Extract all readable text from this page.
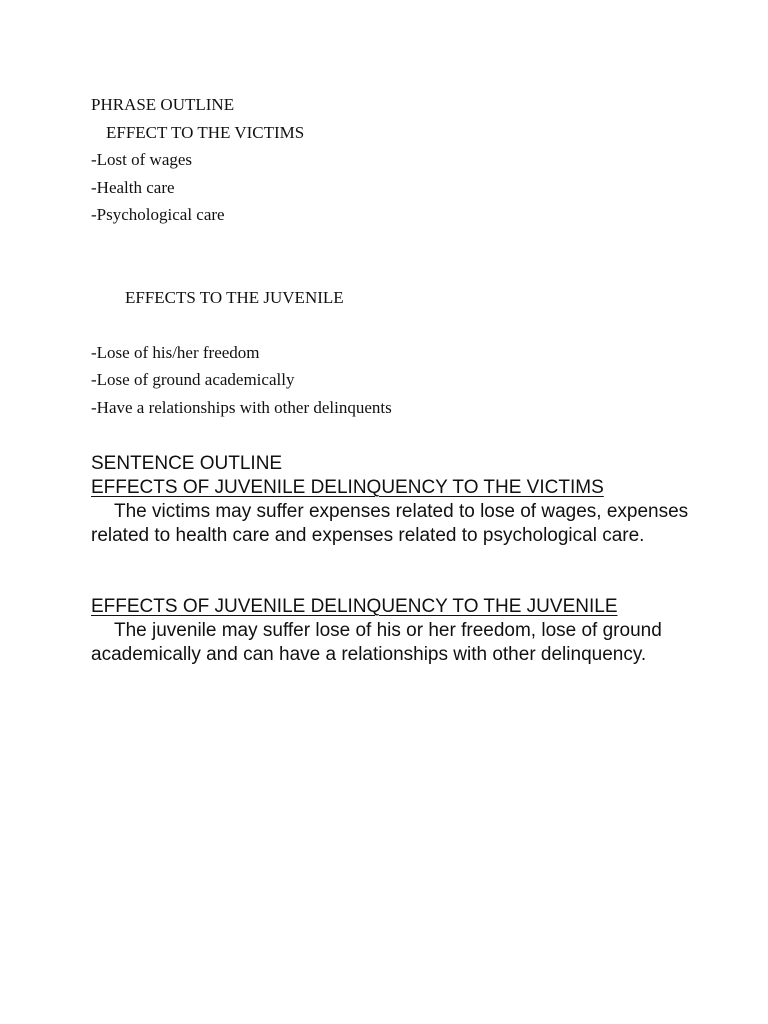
PHRASE OUTLINE

EFFECT TO THE VICTIMS

-Lost of wages

-Health care

-Psychological care

EFFECTS TO THE JUVENILE

-Lose of his/her freedom

-Lose of ground academically

-Have a relationships with other delinquents

SENTENCE OUTLINE

EFFECTS OF JUVENILE DELINQUENCY TO THE VICTIMS

The victims may suffer expenses related to lose of wages, expenses related to health care and expenses related to psychological care.

EFFECTS OF JUVENILE DELINQUENCY TO THE JUVENILE

The juvenile may suffer lose of his or her freedom, lose of ground academically and can have a relationships with other delinquency.
